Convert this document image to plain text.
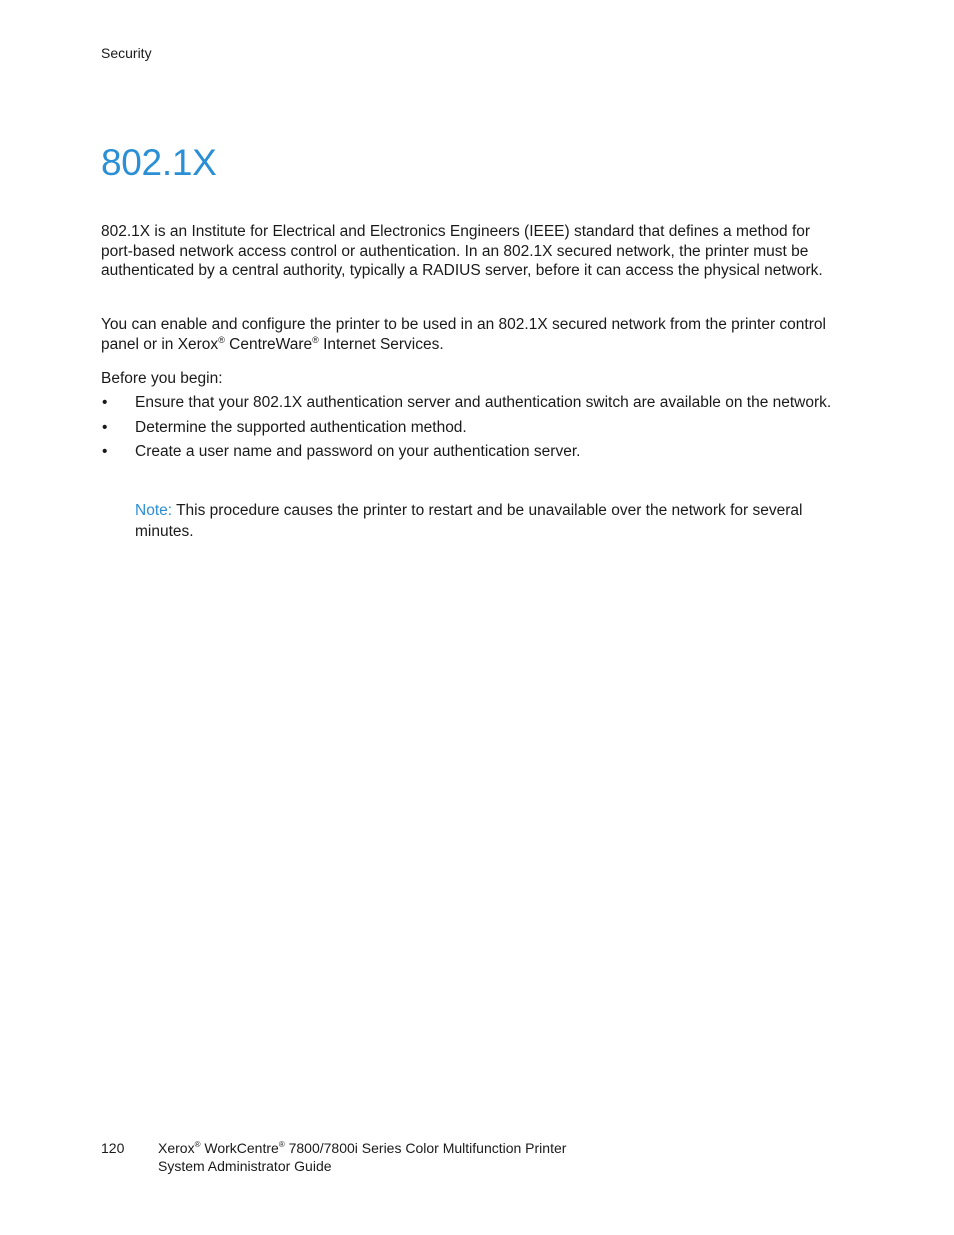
Security
802.1X

802.1X is an Institute for Electrical and Electronics Engineers (IEEE) standard that defines a method for port-based network access control or authentication. In an 802.1X secured network, the printer must be authenticated by a central authority, typically a RADIUS server, before it can access the physical network.

You can enable and configure the printer to be used in an 802.1X secured network from the printer control panel or in Xerox® CentreWare® Internet Services.

Before you begin:

• Ensure that your 802.1X authentication server and authentication switch are available on the network.
• Determine the supported authentication method.
• Create a user name and password on your authentication server.

Note: This procedure causes the printer to restart and be unavailable over the network for several minutes.

120 Xerox® WorkCentre® 7800/7800i Series Color Multifunction Printer
System Administrator Guide
